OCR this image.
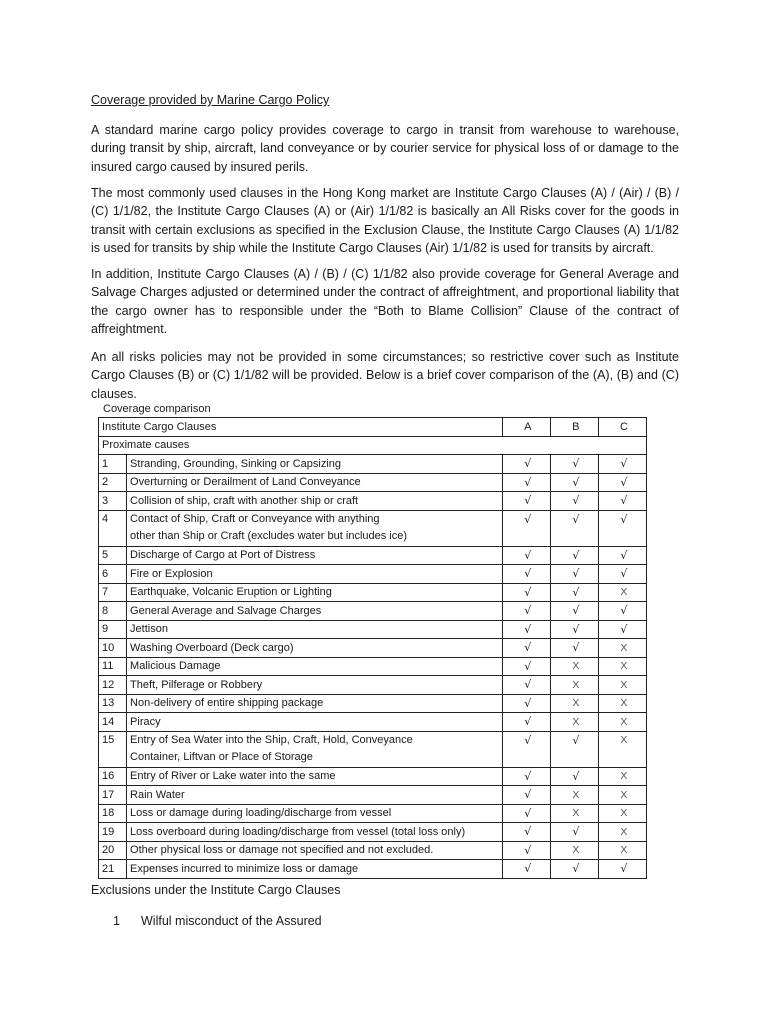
Coverage provided by Marine Cargo Policy

A standard marine cargo policy provides coverage to cargo in transit from warehouse to warehouse, during transit by ship, aircraft, land conveyance or by courier service for physical loss of or damage to the insured cargo caused by insured perils.

The most commonly used clauses in the Hong Kong market are Institute Cargo Clauses (A) / (Air) / (B) / (C) 1/1/82, the Institute Cargo Clauses (A) or (Air) 1/1/82 is basically an All Risks cover for the goods in transit with certain exclusions as specified in the Exclusion Clause, the Institute Cargo Clauses (A) 1/1/82 is used for transits by ship while the Institute Cargo Clauses (Air) 1/1/82 is used for transits by aircraft.

In addition, Institute Cargo Clauses (A) / (B) / (C) 1/1/82 also provide coverage for General Average and Salvage Charges adjusted or determined under the contract of affreightment, and proportional liability that the cargo owner has to responsible under the “Both to Blame Collision” Clause of the contract of affreightment.

An all risks policies may not be provided in some circumstances; so restrictive cover such as Institute Cargo Clauses (B) or (C) 1/1/82 will be provided. Below is a brief cover comparison of the (A), (B) and (C) clauses.

Coverage comparison
Institute Cargo Clauses		A	B	C
Proximate causes				
1	Stranding, Grounding, Sinking or Capsizing	√	√	√
2	Overturning or Derailment of Land Conveyance	√	√	√
3	Collision of ship, craft with another ship or craft	√	√	√
4	Contact of Ship, Craft or Conveyance with anything
other than Ship or Craft (excludes water but includes ice)	√	√	√
5	Discharge of Cargo at Port of Distress	√	√	√
6	Fire or Explosion	√	√	√
7	Earthquake, Volcanic Eruption or Lighting	√	√	X
8	General Average and Salvage Charges	√	√	√
9	Jettison	√	√	√
10	Washing Overboard (Deck cargo)	√	√	X
11	Malicious Damage	√	X	X
12	Theft, Pilferage or Robbery	√	X	X
13	Non-delivery of entire shipping package	√	X	X
14	Piracy	√	X	X
15	Entry of Sea Water into the Ship, Craft, Hold, Conveyance
Container, Liftvan or Place of Storage	√	√	X
16	Entry of River or Lake water into the same	√	√	X
17	Rain Water	√	X	X
18	Loss or damage during loading/discharge from vessel	√	X	X
19	Loss overboard during loading/discharge from vessel (total loss only)	√	√	X
20	Other physical loss or damage not specified and not excluded.	√	X	X
21	Expenses incurred to minimize loss or damage	√	√	√
Exclusions under the Institute Cargo Clauses
1 Wilful misconduct of the Assured
